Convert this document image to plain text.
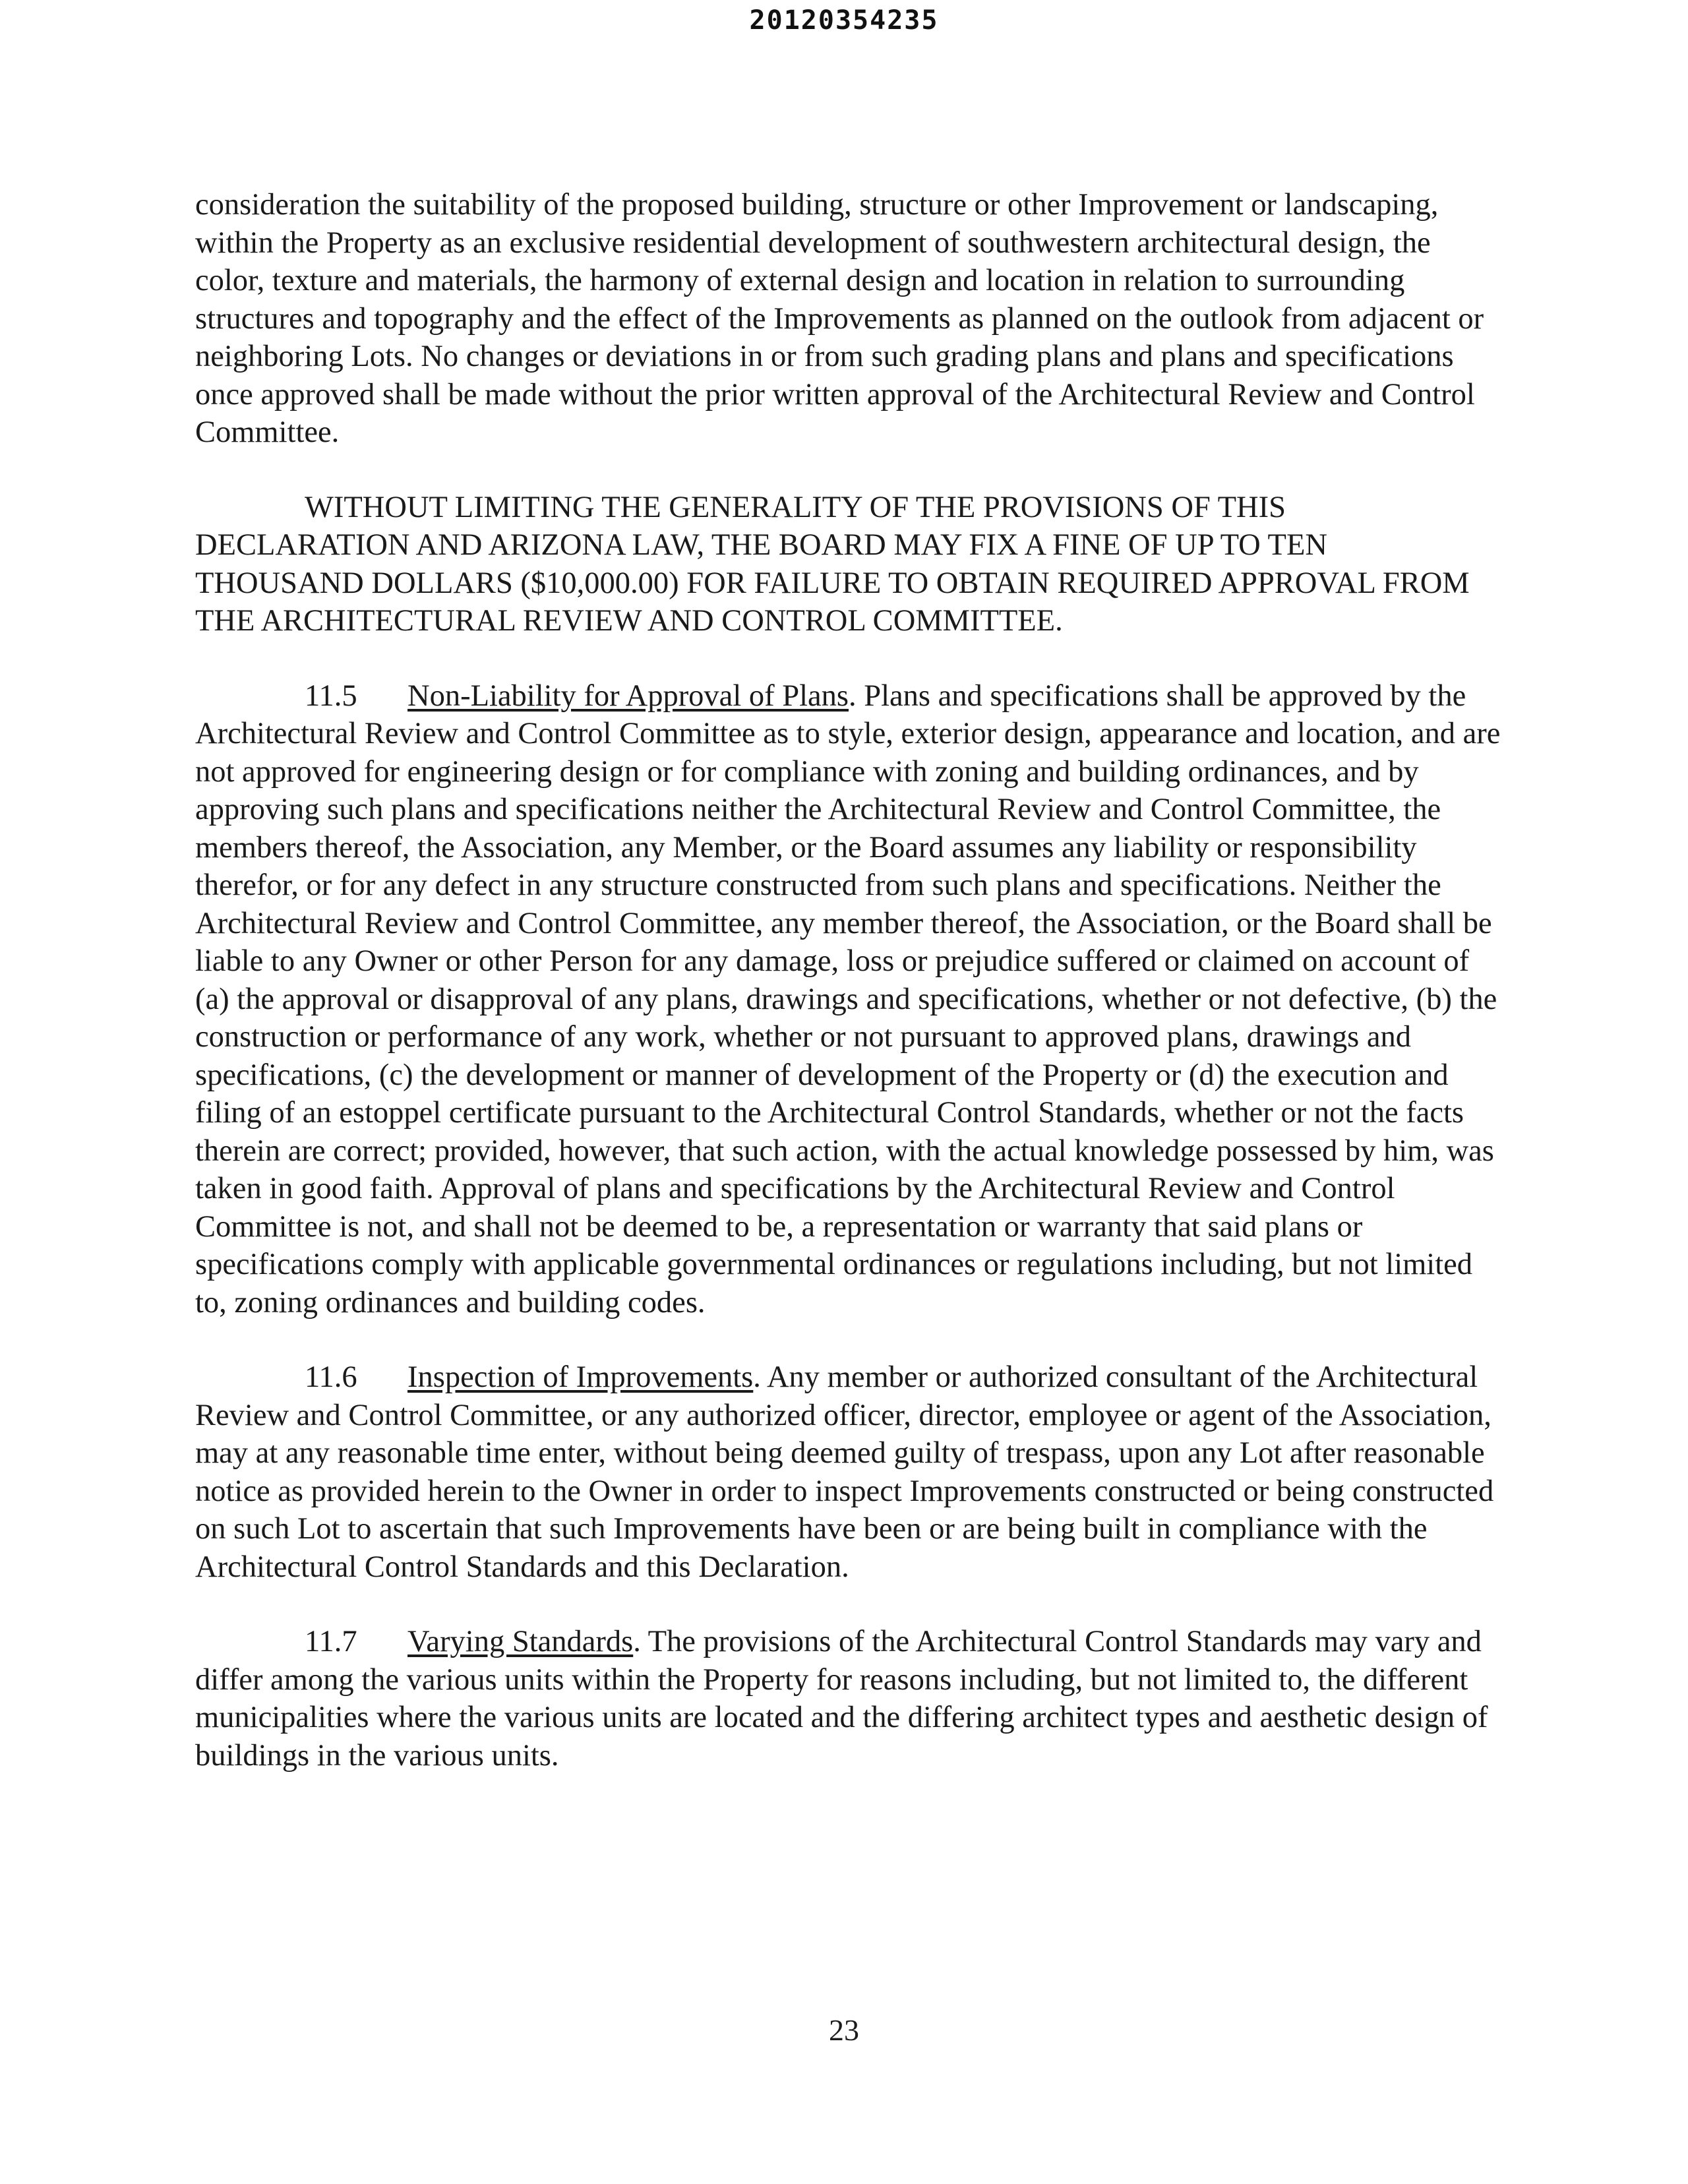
20120354235

consideration the suitability of the proposed building, structure or other Improvement or landscaping, within the Property as an exclusive residential development of southwestern architectural design, the color, texture and materials, the harmony of external design and location in relation to surrounding structures and topography and the effect of the Improvements as planned on the outlook from adjacent or neighboring Lots. No changes or deviations in or from such grading plans and plans and specifications once approved shall be made without the prior written approval of the Architectural Review and Control Committee.

WITHOUT LIMITING THE GENERALITY OF THE PROVISIONS OF THIS DECLARATION AND ARIZONA LAW, THE BOARD MAY FIX A FINE OF UP TO TEN THOUSAND DOLLARS ($10,000.00) FOR FAILURE TO OBTAIN REQUIRED APPROVAL FROM THE ARCHITECTURAL REVIEW AND CONTROL COMMITTEE.

11.5 Non-Liability for Approval of Plans. Plans and specifications shall be approved by the Architectural Review and Control Committee as to style, exterior design, appearance and location, and are not approved for engineering design or for compliance with zoning and building ordinances, and by approving such plans and specifications neither the Architectural Review and Control Committee, the members thereof, the Association, any Member, or the Board assumes any liability or responsibility therefor, or for any defect in any structure constructed from such plans and specifications. Neither the Architectural Review and Control Committee, any member thereof, the Association, or the Board shall be liable to any Owner or other Person for any damage, loss or prejudice suffered or claimed on account of (a) the approval or disapproval of any plans, drawings and specifications, whether or not defective, (b) the construction or performance of any work, whether or not pursuant to approved plans, drawings and specifications, (c) the development or manner of development of the Property or (d) the execution and filing of an estoppel certificate pursuant to the Architectural Control Standards, whether or not the facts therein are correct; provided, however, that such action, with the actual knowledge possessed by him, was taken in good faith. Approval of plans and specifications by the Architectural Review and Control Committee is not, and shall not be deemed to be, a representation or warranty that said plans or specifications comply with applicable governmental ordinances or regulations including, but not limited to, zoning ordinances and building codes.

11.6 Inspection of Improvements. Any member or authorized consultant of the Architectural Review and Control Committee, or any authorized officer, director, employee or agent of the Association, may at any reasonable time enter, without being deemed guilty of trespass, upon any Lot after reasonable notice as provided herein to the Owner in order to inspect Improvements constructed or being constructed on such Lot to ascertain that such Improvements have been or are being built in compliance with the Architectural Control Standards and this Declaration.

11.7 Varying Standards. The provisions of the Architectural Control Standards may vary and differ among the various units within the Property for reasons including, but not limited to, the different municipalities where the various units are located and the differing architect types and aesthetic design of buildings in the various units.

23
